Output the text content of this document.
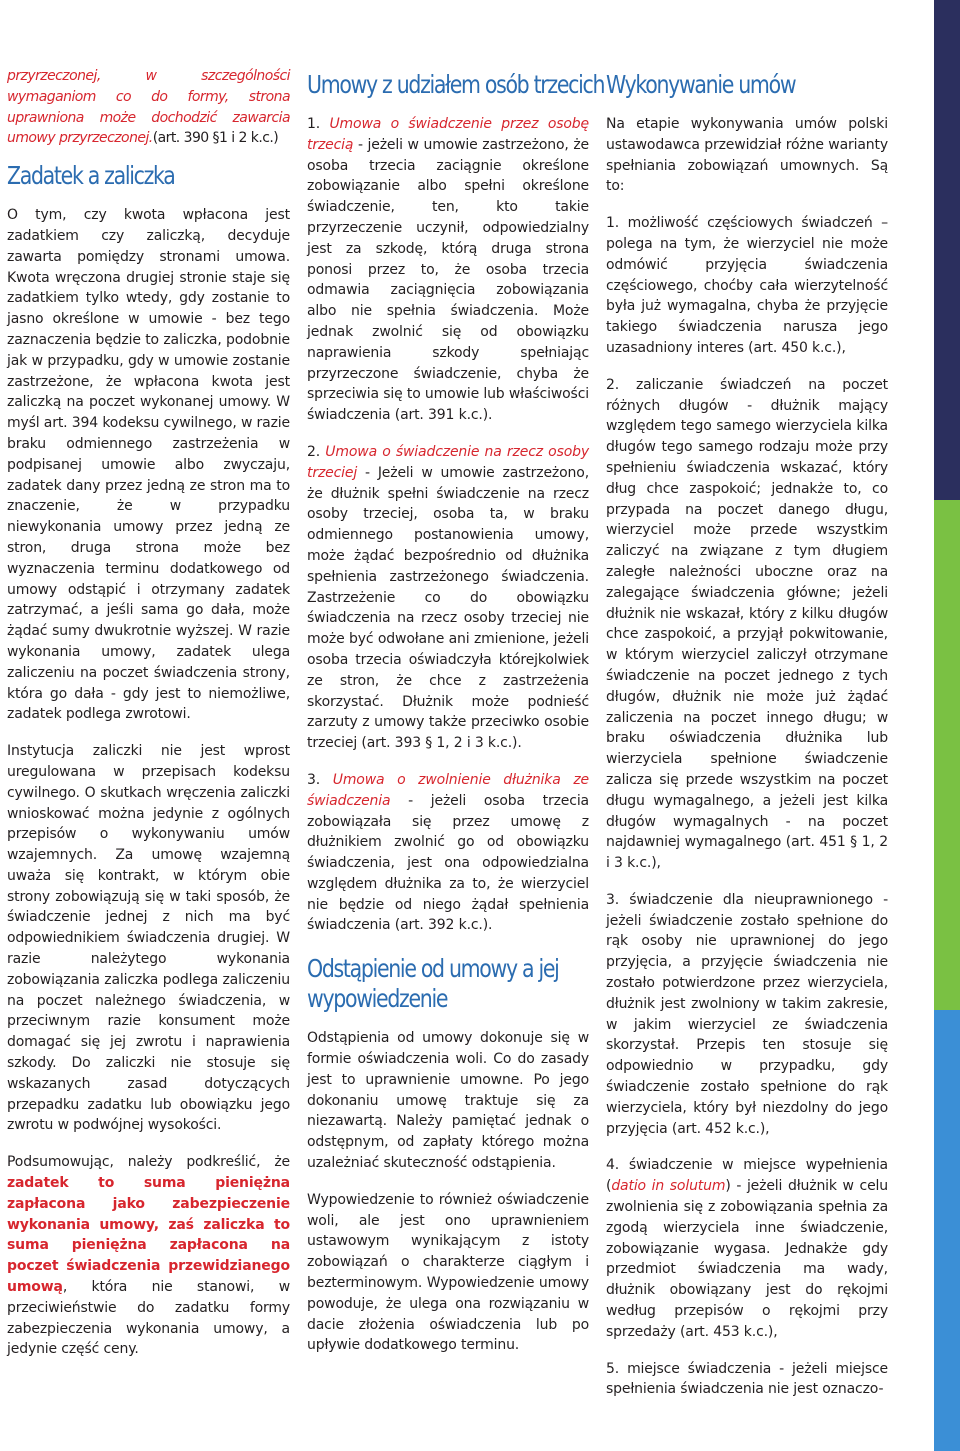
przyrzeczonej, w szczególności wymaganiom co do formy, strona uprawniona może dochodzić zawarcia umowy przyrzeczonej.(art. 390 §1 i 2 k.c.)

Zadatek a zaliczka

O tym, czy kwota wpłacona jest zadatkiem czy zaliczką, decyduje zawarta pomiędzy stronami umowa. Kwota wręczona drugiej stronie staje się zadatkiem tylko wtedy, gdy zostanie to jasno określone w umowie - bez tego zaznaczenia będzie to zaliczka, podobnie jak w przypadku, gdy w umowie zostanie zastrzeżone, że wpłacona kwota jest zaliczką na poczet wykonanej umowy. W myśl art. 394 kodeksu cywilnego, w razie braku odmiennego zastrzeżenia w podpisanej umowie albo zwyczaju, zadatek dany przez jedną ze stron ma to znaczenie, że w przypadku niewykonania umowy przez jedną ze stron, druga strona może bez wyznaczenia terminu dodatkowego od umowy odstąpić i otrzymany zadatek zatrzymać, a jeśli sama go dała, może żądać sumy dwukrotnie wyższej. W razie wykonania umowy, zadatek ulega zaliczeniu na poczet świadczenia strony, która go dała - gdy jest to niemożliwe, zadatek podlega zwrotowi.

Instytucja zaliczki nie jest wprost uregulowana w przepisach kodeksu cywilnego. O skutkach wręczenia zaliczki wnioskować można jedynie z ogólnych przepisów o wykonywaniu umów wzajemnych. Za umowę wzajemną uważa się kontrakt, w którym obie strony zobowiązują się w taki sposób, że świadczenie jednej z nich ma być odpowiednikiem świadczenia drugiej. W razie należytego wykonania zobowiązania zaliczka podlega zaliczeniu na poczet należnego świadczenia, w przeciwnym razie konsument może domagać się jej zwrotu i naprawienia szkody. Do zaliczki nie stosuje się wskazanych zasad dotyczących przepadku zadatku lub obowiązku jego zwrotu w podwójnej wysokości.

Podsumowując, należy podkreślić, że zadatek to suma pieniężna zapłacona jako zabezpieczenie wykonania umowy, zaś zaliczka to suma pieniężna zapłacona na poczet świadczenia przewidzianego umową, która nie stanowi, w przeciwieństwie do zadatku formy zabezpieczenia wykonania umowy, a jedynie część ceny.

Umowy z udziałem osób trzecich

1. Umowa o świadczenie przez osobę trzecią - jeżeli w umowie zastrzeżono, że osoba trzecia zaciągnie określone zobowiązanie albo spełni określone świadczenie, ten, kto takie przyrzeczenie uczynił, odpowiedzialny jest za szkodę, którą druga strona ponosi przez to, że osoba trzecia odmawia zaciągnięcia zobowiązania albo nie spełnia świadczenia. Może jednak zwolnić się od obowiązku naprawienia szkody spełniając przyrzeczone świadczenie, chyba że sprzeciwia się to umowie lub właściwości świadczenia (art. 391 k.c.).

2. Umowa o świadczenie na rzecz osoby trzeciej - Jeżeli w umowie zastrzeżono, że dłużnik spełni świadczenie na rzecz osoby trzeciej, osoba ta, w braku odmiennego postanowienia umowy, może żądać bezpośrednio od dłużnika spełnienia zastrzeżonego świadczenia. Zastrzeżenie co do obowiązku świadczenia na rzecz osoby trzeciej nie może być odwołane ani zmienione, jeżeli osoba trzecia oświadczyła którejkolwiek ze stron, że chce z zastrzeżenia skorzystać. Dłużnik może podnieść zarzuty z umowy także przeciwko osobie trzeciej (art. 393 § 1, 2 i 3 k.c.).

3. Umowa o zwolnienie dłużnika ze świadczenia - jeżeli osoba trzecia zobowiązała się przez umowę z dłużnikiem zwolnić go od obowiązku świadczenia, jest ona odpowiedzialna względem dłużnika za to, że wierzyciel nie będzie od niego żądał spełnienia świadczenia (art. 392 k.c.).

Odstąpienie od umowy a jej wypowiedzenie

Odstąpienia od umowy dokonuje się w formie oświadczenia woli. Co do zasady jest to uprawnienie umowne. Po jego dokonaniu umowę traktuje się za niezawartą. Należy pamiętać jednak o odstępnym, od zapłaty którego można uzależniać skuteczność odstąpienia.

Wypowiedzenie to również oświadczenie woli, ale jest ono uprawnieniem ustawowym wynikającym z istoty zobowiązań o charakterze ciągłym i bezterminowym. Wypowiedzenie umowy powoduje, że ulega ona rozwiązaniu w dacie złożenia oświadczenia lub po upływie dodatkowego terminu.

Wykonywanie umów

Na etapie wykonywania umów polski ustawodawca przewidział różne warianty spełniania zobowiązań umownych. Są to:

1. możliwość częściowych świadczeń – polega na tym, że wierzyciel nie może odmówić przyjęcia świadczenia częściowego, choćby cała wierzytelność była już wymagalna, chyba że przyjęcie takiego świadczenia narusza jego uzasadniony interes (art. 450 k.c.),

2. zaliczanie świadczeń na poczet różnych długów - dłużnik mający względem tego samego wierzyciela kilka długów tego samego rodzaju może przy spełnieniu świadczenia wskazać, który dług chce zaspokoić; jednakże to, co przypada na poczet danego długu, wierzyciel może przede wszystkim zaliczyć na związane z tym długiem zaległe należności uboczne oraz na zalegające świadczenia główne; jeżeli dłużnik nie wskazał, który z kilku długów chce zaspokoić, a przyjął pokwitowanie, w którym wierzyciel zaliczył otrzymane świadczenie na poczet jednego z tych długów, dłużnik nie może już żądać zaliczenia na poczet innego długu; w braku oświadczenia dłużnika lub wierzyciela spełnione świadczenie zalicza się przede wszystkim na poczet długu wymagalnego, a jeżeli jest kilka długów wymagalnych - na poczet najdawniej wymagalnego (art. 451 § 1, 2 i 3 k.c.),

3. świadczenie dla nieuprawnionego - jeżeli świadczenie zostało spełnione do rąk osoby nie uprawnionej do jego przyjęcia, a przyjęcie świadczenia nie zostało potwierdzone przez wierzyciela, dłużnik jest zwolniony w takim zakresie, w jakim wierzyciel ze świadczenia skorzystał. Przepis ten stosuje się odpowiednio w przypadku, gdy świadczenie zostało spełnione do rąk wierzyciela, który był niezdolny do jego przyjęcia (art. 452 k.c.),

4. świadczenie w miejsce wypełnienia (datio in solutum) - jeżeli dłużnik w celu zwolnienia się z zobowiązania spełnia za zgodą wierzyciela inne świadczenie, zobowiązanie wygasa. Jednakże gdy przedmiot świadczenia ma wady, dłużnik obowiązany jest do rękojmi według przepisów o rękojmi przy sprzedaży (art. 453 k.c.),

5. miejsce świadczenia - jeżeli miejsce spełnienia świadczenia nie jest oznaczo-
